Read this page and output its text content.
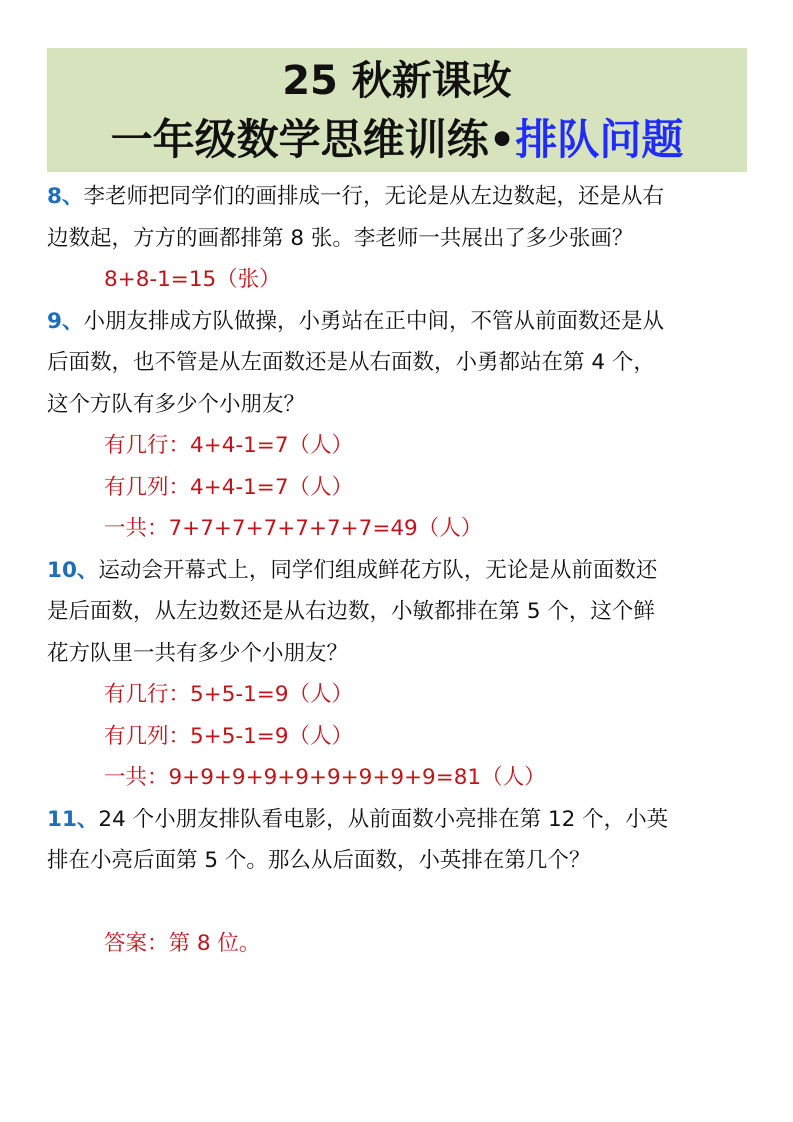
25 秋新课改
一年级数学思维训练•排队问题
8、李老师把同学们的画排成一行，无论是从左边数起，还是从右
边数起，方方的画都排第 8 张。李老师一共展出了多少张画？
8+8-1=15（张）
9、小朋友排成方队做操，小勇站在正中间，不管从前面数还是从
后面数，也不管是从左面数还是从右面数，小勇都站在第 4 个，
这个方队有多少个小朋友？
有几行：4+4-1=7（人）
有几列：4+4-1=7（人）
一共：7+7+7+7+7+7+7=49（人）
10、运动会开幕式上，同学们组成鲜花方队，无论是从前面数还
是后面数，从左边数还是从右边数，小敏都排在第 5 个，这个鲜
花方队里一共有多少个小朋友？
有几行：5+5-1=9（人）
有几列：5+5-1=9（人）
一共：9+9+9+9+9+9+9+9+9=81（人）
11、24 个小朋友排队看电影，从前面数小亮排在第 12 个，小英
排在小亮后面第 5 个。那么从后面数，小英排在第几个？
答案：第 8 位。
